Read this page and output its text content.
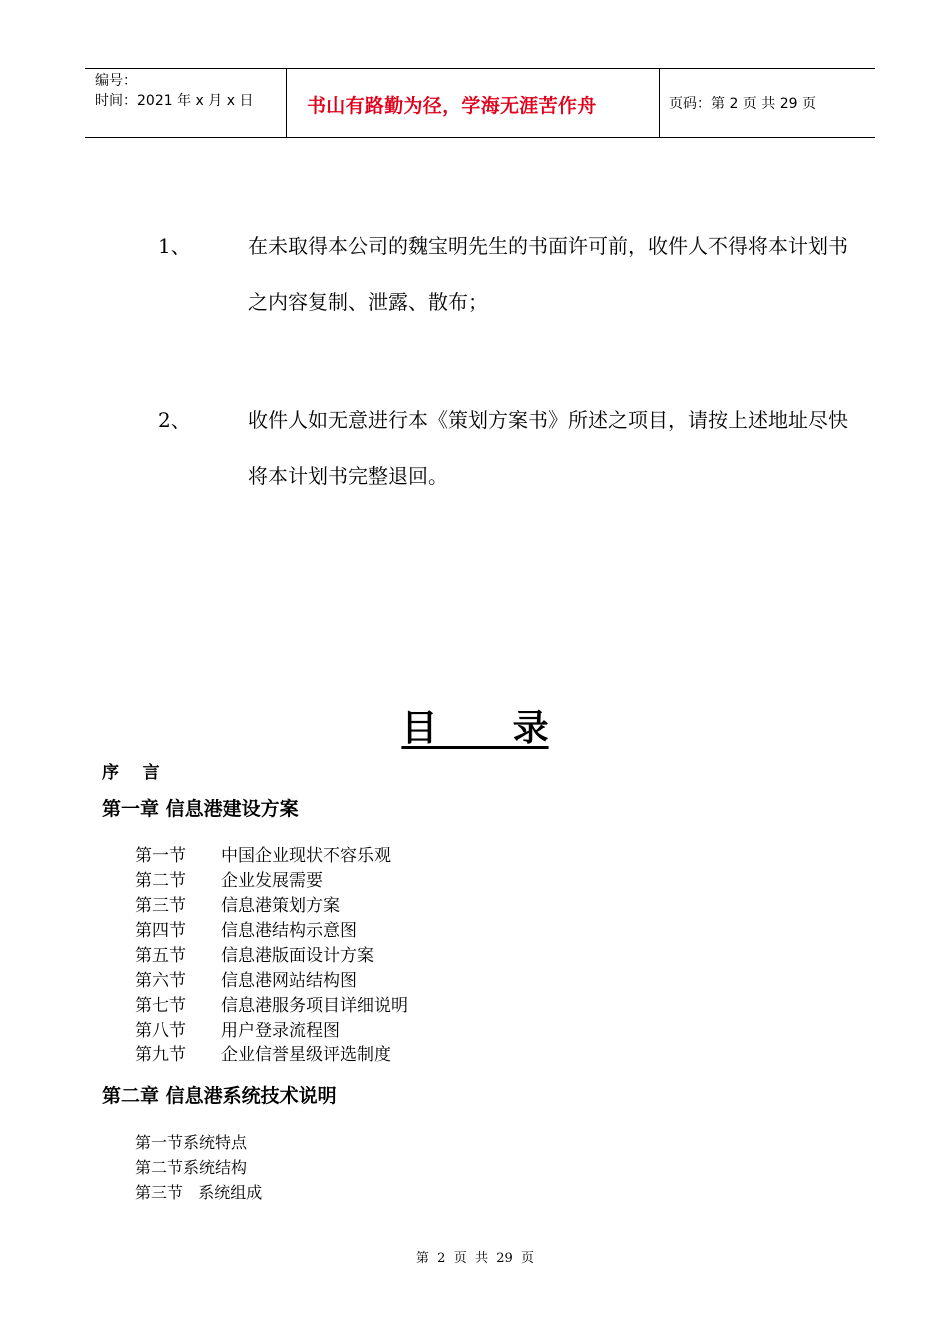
编号：
时间：2021 年 x 月 x 日	书山有路勤为径，学海无涯苦作舟	页码：第 2 页 共 29 页
1、	在未取得本公司的魏宝明先生的书面许可前，收件人不得将本计划书之内容复制、泄露、散布；
2、	收件人如无意进行本《策划方案书》所述之项目，请按上述地址尽快将本计划书完整退回。
目      录
序    言
第一章 信息港建设方案
第一节 中国企业现状不容乐观
第二节 企业发展需要
第三节 信息港策划方案
第四节 信息港结构示意图
第五节 信息港版面设计方案
第六节 信息港网站结构图
第七节 信息港服务项目详细说明
第八节 用户登录流程图
第九节 企业信誉星级评选制度
第二章 信息港系统技术说明
第一节系统特点
第二节系统结构
第三节   系统组成
第  2  页  共  29  页
